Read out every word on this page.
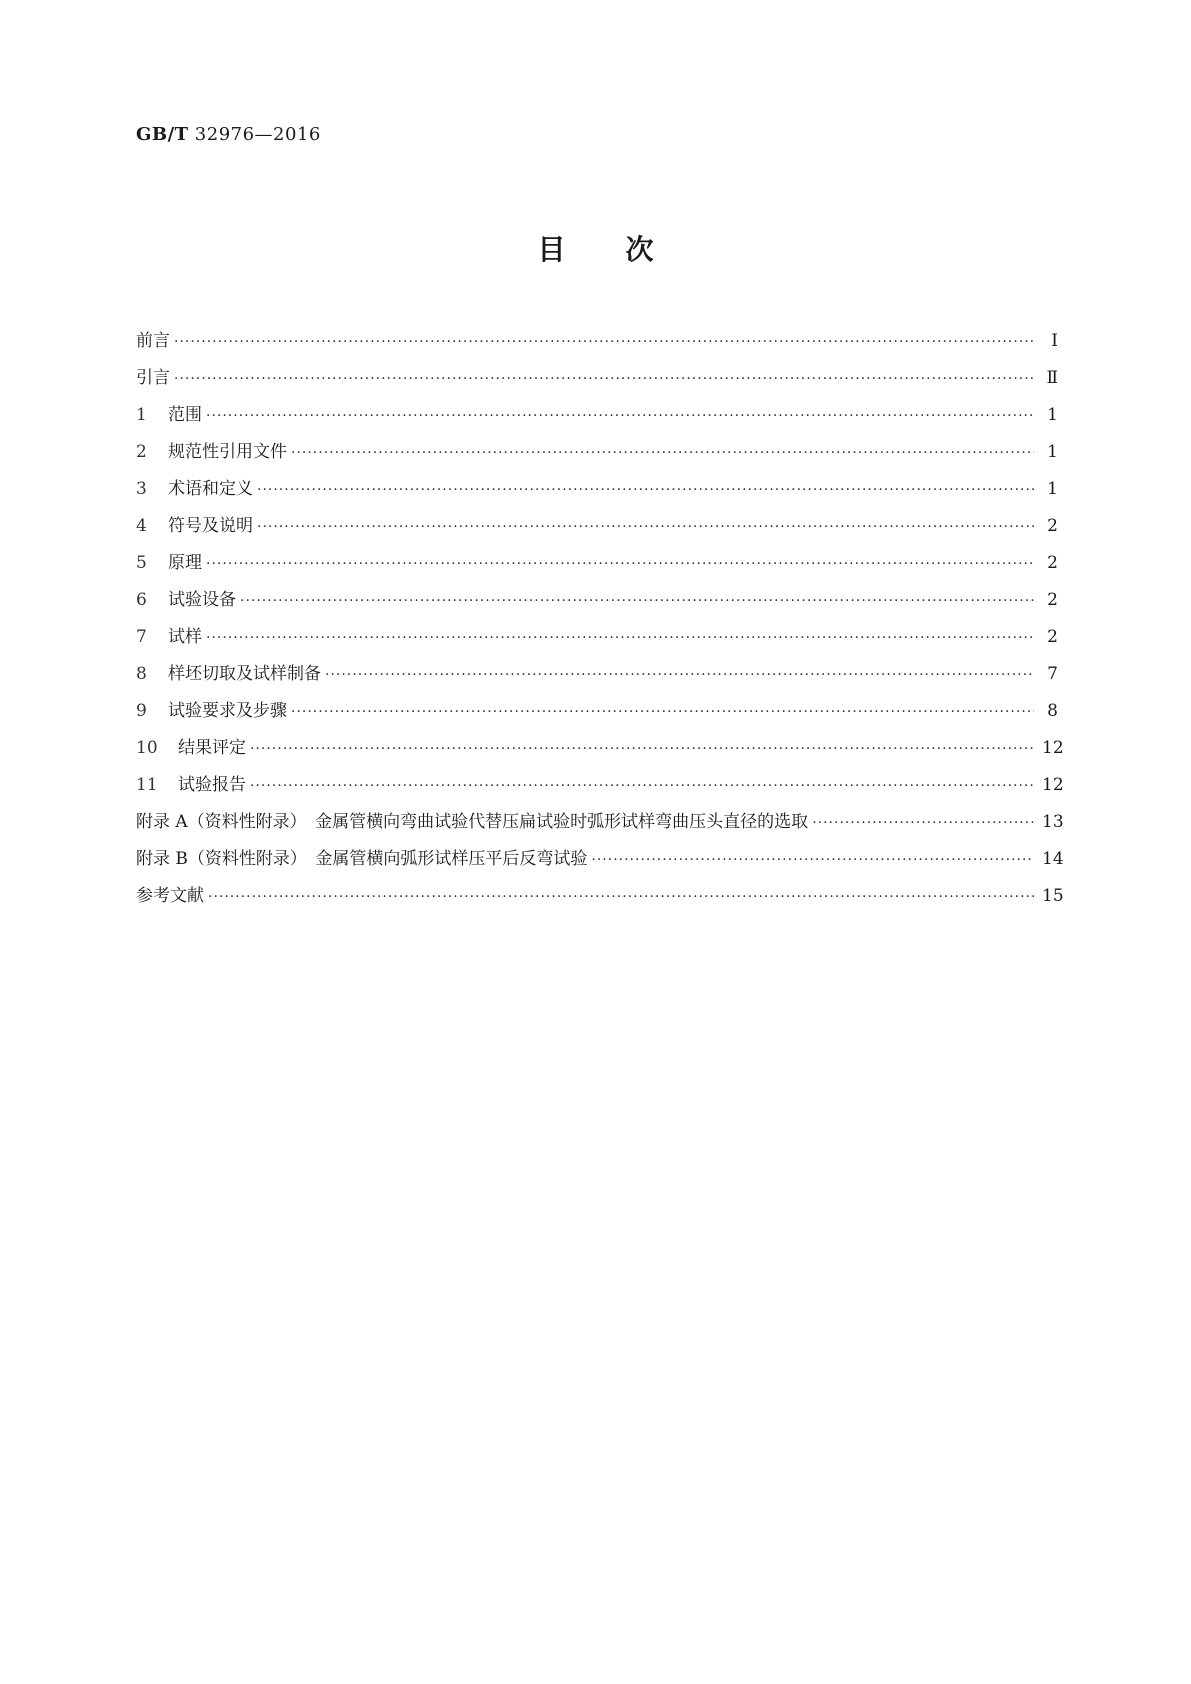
GB/T 32976—2016
目次
前言 ·····	Ⅰ
引言 ·····	Ⅱ
1	范围 ·····	1
2	规范性引用文件 ·····	1
3	术语和定义 ·····	1
4	符号及说明 ·····	2
5	原理 ·····	2
6	试验设备 ·····	2
7	试样 ·····	2
8	样坯切取及试样制备 ·····	7
9	试验要求及步骤 ·····	8
10	结果评定 ·····	12
11	试验报告 ·····	12
附录 A（资料性附录）　金属管横向弯曲试验代替压扁试验时弧形试样弯曲压头直径的选取 ·····	13
附录 B（资料性附录）　金属管横向弧形试样压平后反弯试验 ·····	14
参考文献 ·····	15
